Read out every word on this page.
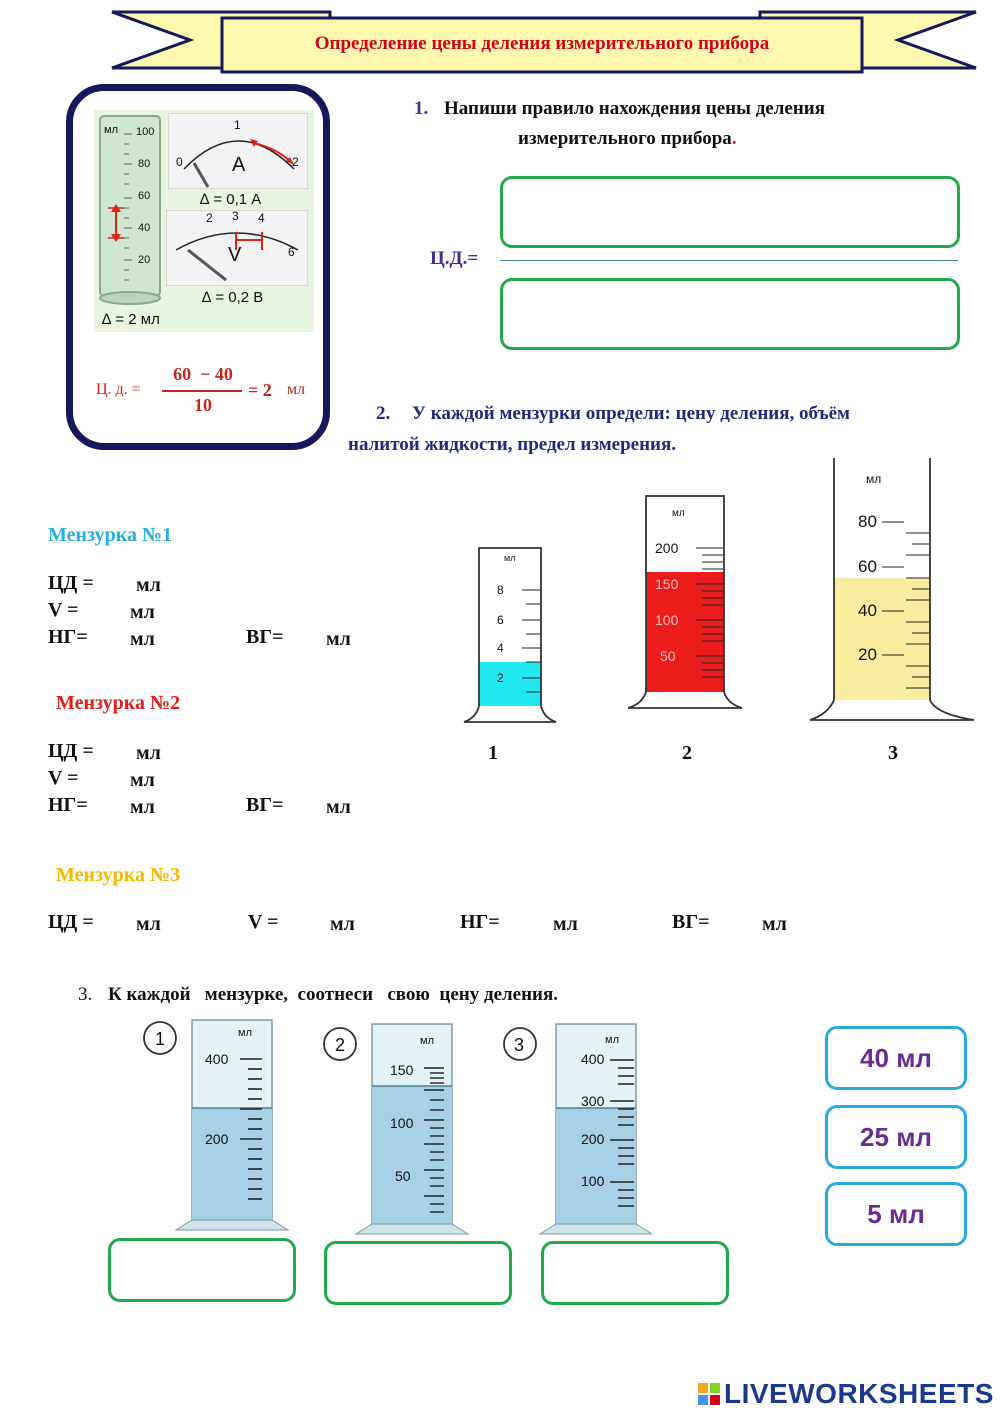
Определение цены деления измерительного прибора
мл 100
80
60
40
20
∆ = 2 мл
0
1
2
A
∆ = 0,1 А
2 3 4
6
V
∆ = 0,2 В
Ц. д. =
60  − 40
10
= 2 мл
1. Напиши правило нахождения цены деления
измерительного прибора.
Ц.Д.=
2. У каждой мензурки определи: цену деления, объём
налитой жидкости, предел измерения.
Мензурка №1
ЦД = мл
V =	мл
НГ= мл	ВГ= мл
Мензурка №2
ЦД = мл
V =	мл
НГ= мл	ВГ= мл
Мензурка №3
ЦД = мл	V =	мл	НГ=	мл	ВГ=	мл
мл
8
6
4
2
1
мл
200
150
100
50
2
мл
80
60
40
20
3
3. К каждой   мензурке,  соотнеси   свою  цену деления.
1	мл
400
200
2	мл
150
100
50
3	мл
400
300
200
100
40 мл
25 мл
5 мл
LIVEWORKSHEETS
